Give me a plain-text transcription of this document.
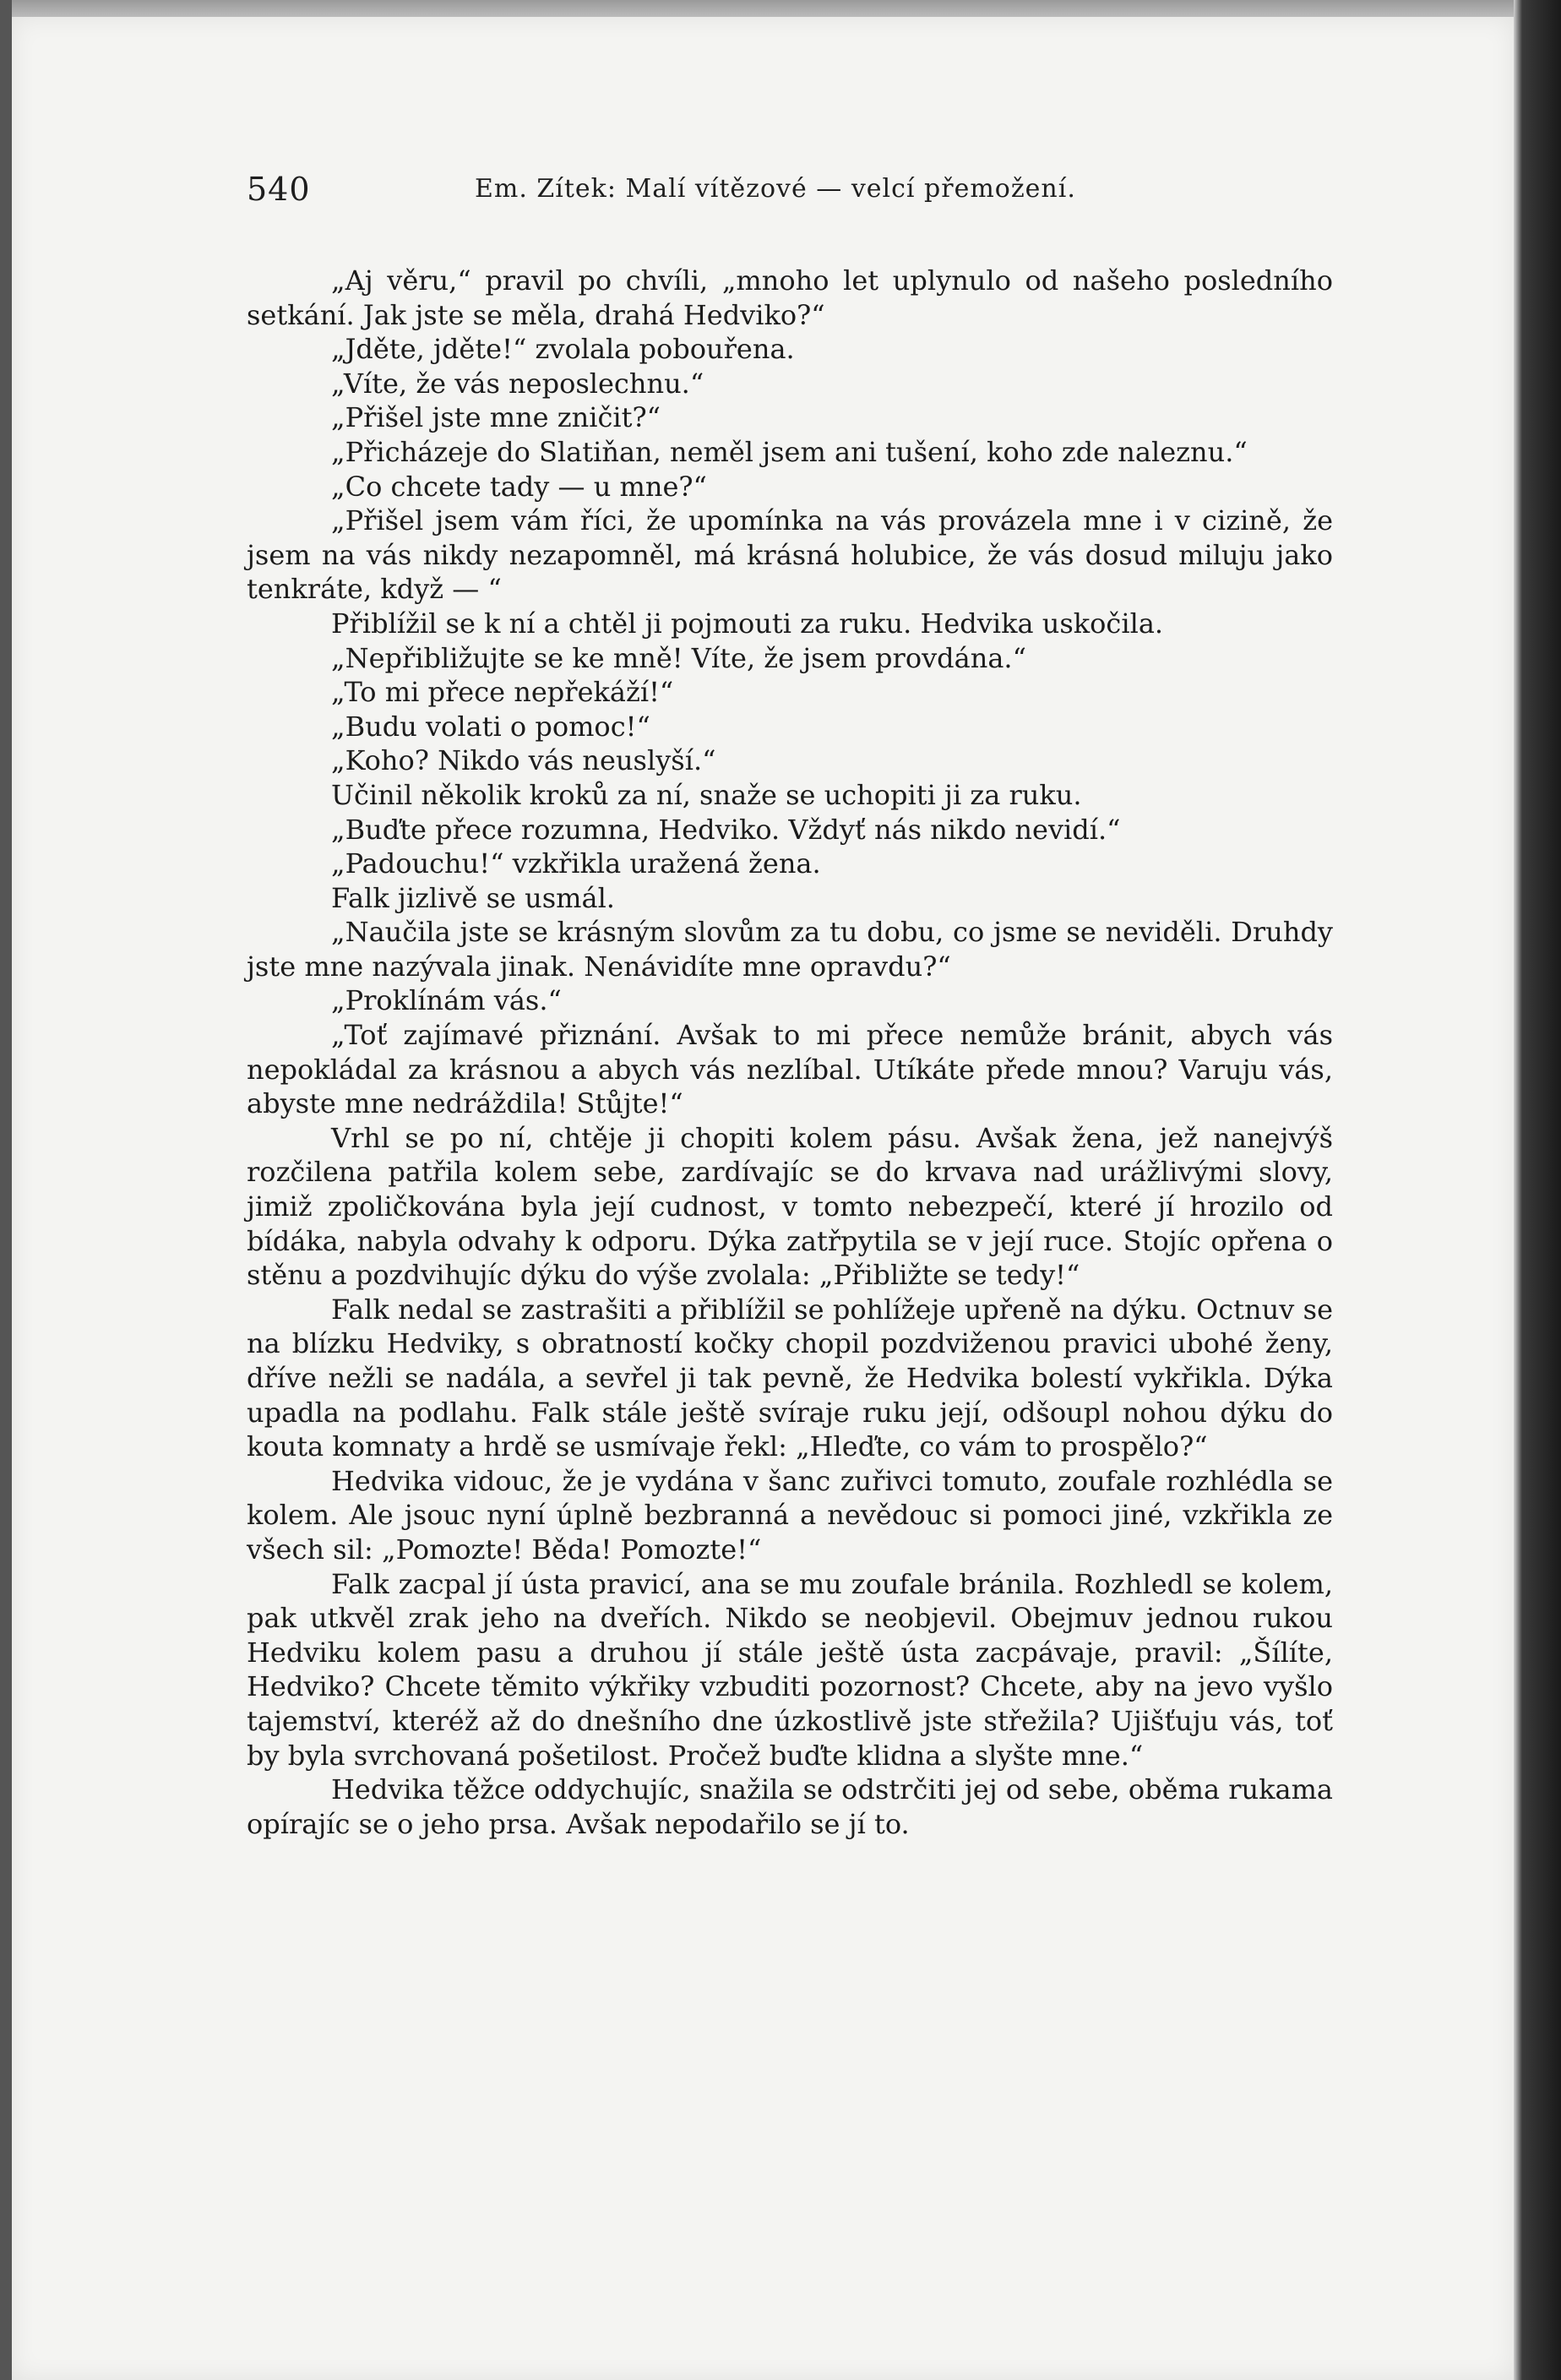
540	Em. Zítek: Malí vítězové — velcí přemožení.

„Aj věru,“ pravil po chvíli, „mnoho let uplynulo od našeho posledního setkání. Jak jste se měla, drahá Hedviko?“

„Jděte, jděte!“ zvolala pobouřena.

„Víte, že vás neposlechnu.“

„Přišel jste mne zničit?“

„Přicházeje do Slatiňan, neměl jsem ani tušení, koho zde naleznu.“

„Co chcete tady — u mne?“

„Přišel jsem vám říci, že upomínka na vás provázela mne i v cizině, že jsem na vás nikdy nezapomněl, má krásná holubice, že vás dosud miluju jako tenkráte, když — “

Přiblížil se k ní a chtěl ji pojmouti za ruku. Hedvika uskočila.

„Nepřibližujte se ke mně! Víte, že jsem provdána.“

„To mi přece nepřekáží!“

„Budu volati o pomoc!“

„Koho? Nikdo vás neuslyší.“

Učinil několik kroků za ní, snaže se uchopiti ji za ruku.

„Buďte přece rozumna, Hedviko. Vždyť nás nikdo nevidí.“

„Padouchu!“ vzkřikla uražená žena.

Falk jizlivě se usmál.

„Naučila jste se krásným slovům za tu dobu, co jsme se neviděli. Druhdy jste mne nazývala jinak. Nenávidíte mne opravdu?“

„Proklínám vás.“

„Toť zajímavé přiznání. Avšak to mi přece nemůže bránit, abych vás nepokládal za krásnou a abych vás nezlíbal. Utíkáte přede mnou? Varuju vás, abyste mne nedráždila! Stůjte!“

Vrhl se po ní, chtěje ji chopiti kolem pásu. Avšak žena, jež nanejvýš rozčilena patřila kolem sebe, zardívajíc se do krvava nad urážlivými slovy, jimiž zpoličkována byla její cudnost, v tomto nebezpečí, které jí hrozilo od bídáka, nabyla odvahy k odporu. Dýka zatřpytila se v její ruce. Stojíc opřena o stěnu a pozdvihujíc dýku do výše zvolala: „Přibližte se tedy!“

Falk nedal se zastrašiti a přiblížil se pohlížeje upřeně na dýku. Octnuv se na blízku Hedviky, s obratností kočky chopil pozdviženou pravici ubohé ženy, dříve nežli se nadála, a sevřel ji tak pevně, že Hedvika bolestí vykřikla. Dýka upadla na podlahu. Falk stále ještě svíraje ruku její, odšoupl nohou dýku do kouta komnaty a hrdě se usmívaje řekl: „Hleďte, co vám to prospělo?“

Hedvika vidouc, že je vydána v šanc zuřivci tomuto, zoufale rozhlédla se kolem. Ale jsouc nyní úplně bezbranná a nevědouc si pomoci jiné, vzkřikla ze všech sil: „Pomozte! Běda! Pomozte!“

Falk zacpal jí ústa pravicí, ana se mu zoufale bránila. Rozhledl se kolem, pak utkvěl zrak jeho na dveřích. Nikdo se neobjevil. Obejmuv jednou rukou Hedviku kolem pasu a druhou jí stále ještě ústa zacpávaje, pravil: „Šílíte, Hedviko? Chcete těmito výkřiky vzbuditi pozornost? Chcete, aby na jevo vyšlo tajemství, kteréž až do dnešního dne úzkostlivě jste střežila? Ujišťuju vás, toť by byla svrchovaná pošetilost. Pročež buďte klidna a slyšte mne.“

Hedvika těžce oddychujíc, snažila se odstrčiti jej od sebe, oběma rukama opírajíc se o jeho prsa. Avšak nepodařilo se jí to.
